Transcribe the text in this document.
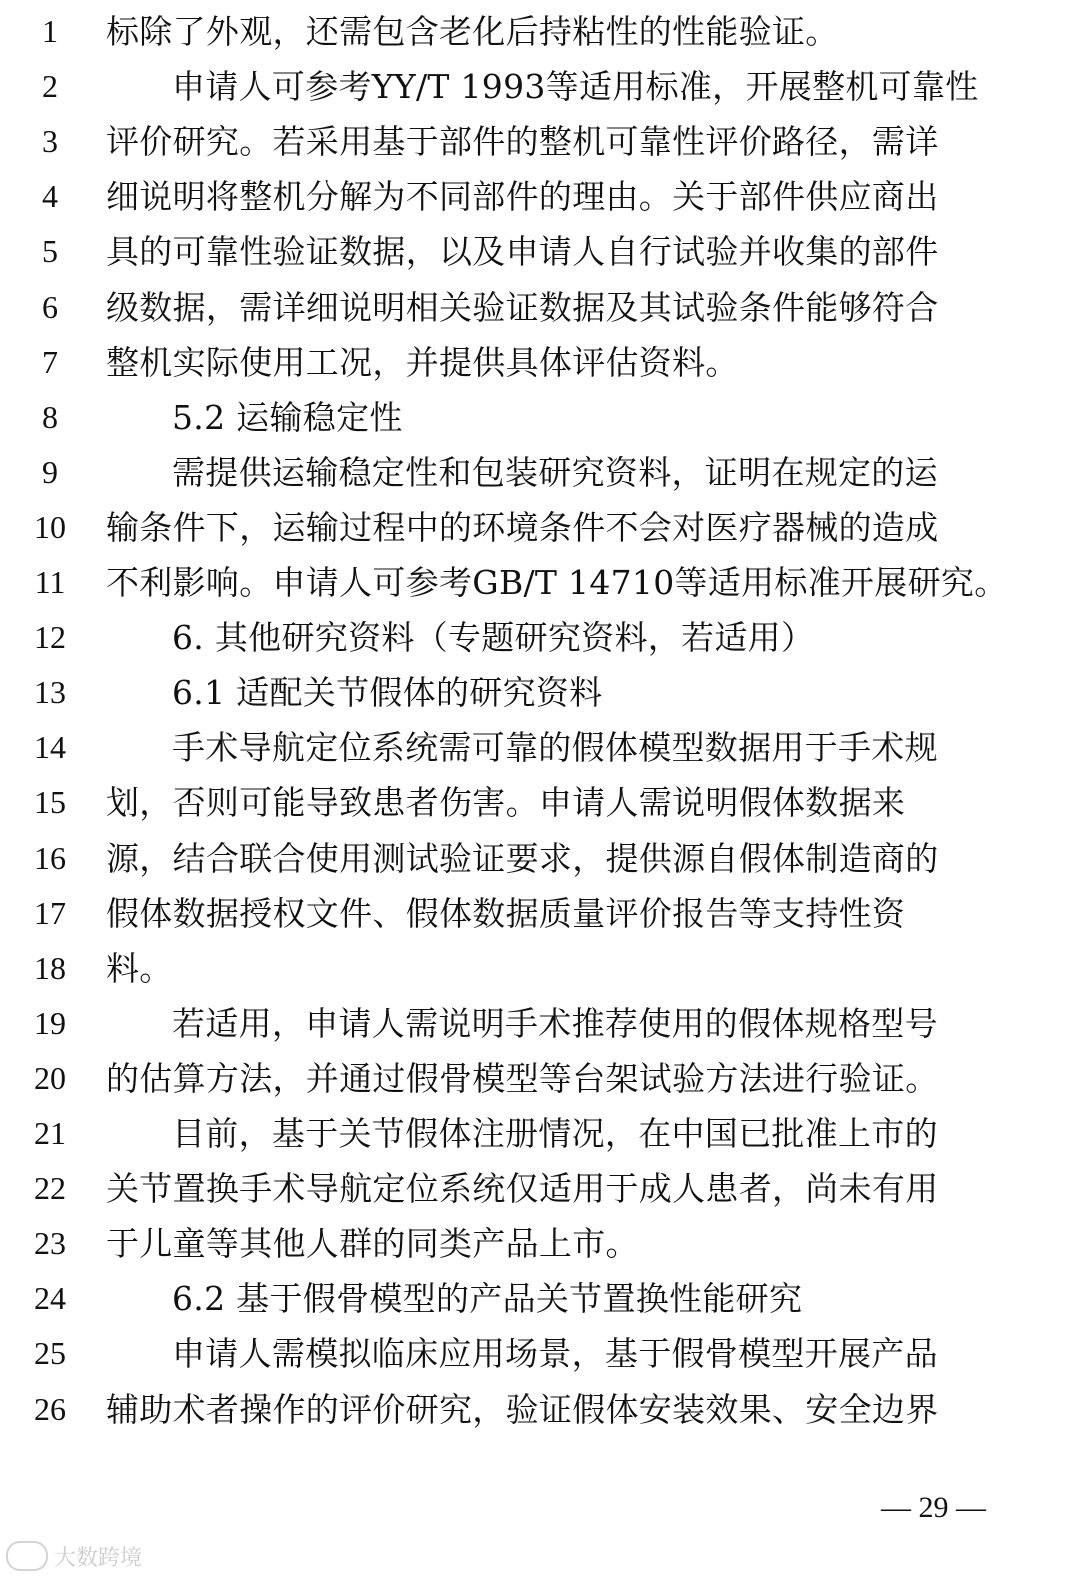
1	标除了外观，还需包含老化后持粘性的性能验证。
2	申请人可参考YY/T 1993等适用标准，开展整机可靠性
3	评价研究。若采用基于部件的整机可靠性评价路径，需详
4	细说明将整机分解为不同部件的理由。关于部件供应商出
5	具的可靠性验证数据，以及申请人自行试验并收集的部件
6	级数据，需详细说明相关验证数据及其试验条件能够符合
7	整机实际使用工况，并提供具体评估资料。
8	5.2 运输稳定性
9	需提供运输稳定性和包装研究资料，证明在规定的运
10	输条件下，运输过程中的环境条件不会对医疗器械的造成
11	不利影响。申请人可参考GB/T 14710等适用标准开展研究。
12	6. 其他研究资料（专题研究资料，若适用）
13	6.1 适配关节假体的研究资料
14	手术导航定位系统需可靠的假体模型数据用于手术规
15	划，否则可能导致患者伤害。申请人需说明假体数据来
16	源，结合联合使用测试验证要求，提供源自假体制造商的
17	假体数据授权文件、假体数据质量评价报告等支持性资
18	料。
19	若适用，申请人需说明手术推荐使用的假体规格型号
20	的估算方法，并通过假骨模型等台架试验方法进行验证。
21	目前，基于关节假体注册情况，在中国已批准上市的
22	关节置换手术导航定位系统仅适用于成人患者，尚未有用
23	于儿童等其他人群的同类产品上市。
24	6.2 基于假骨模型的产品关节置换性能研究
25	申请人需模拟临床应用场景，基于假骨模型开展产品
26	辅助术者操作的评价研究，验证假体安装效果、安全边界
— 29 —
大数跨境
